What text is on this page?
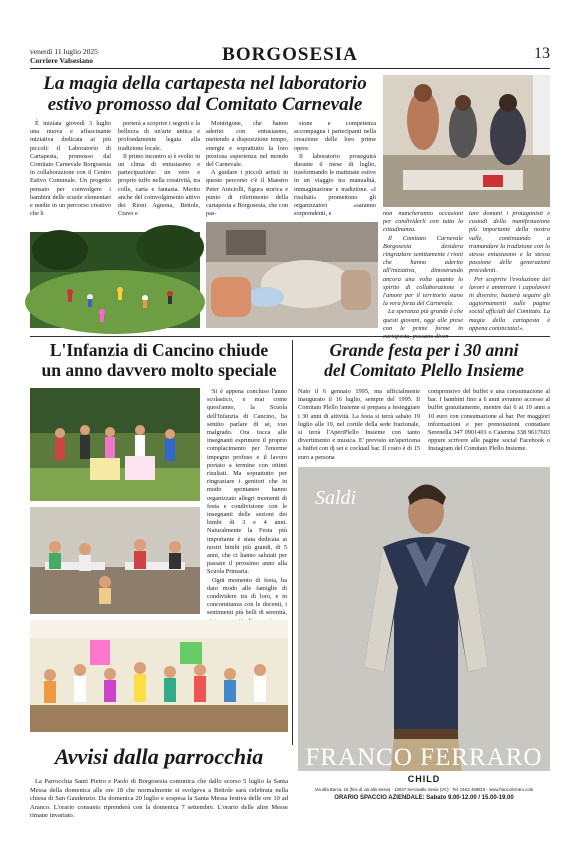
venerdì 11 luglio 2025
Corriere Valsesiano	BORGOSESIA	13
La magia della cartapesta nel laboratorio
estivo promosso dal Comitato Carnevale

È iniziata giovedì 3 luglio una nuova e affascinante iniziativa dedicata ai più piccoli: il Laboratorio di Cartapesta, promosso dal Comitato Carnevale Borgosesia in collaborazione con il Centro Estivo Comunale. Un progetto pensato per coinvolgere i bambini delle scuole elementari e medie in un percorso creativo che li

porterà a scoprire i segreti e la bellezza di un'arte antica e profondamente legata alla tradizione locale.

Il primo incontro si è svolto in un clima di entusiasmo e partecipazione: un vero e proprio tuffo nella creatività, tra colle, carta e fantasia. Merito anche del coinvolgimento attivo dei Rioni Agnona, Bettole, Cravo e

Montrigone, che hanno aderito con entusiasmo, mettendo a disposizione tempo, energie e soprattutto la loro preziosa esperienza nel mondo del Carnevale.

A guidare i piccoli artisti in questo percorso c'è il Maestro Peter Aniciolli, figura storica e punto di riferimento della cartapesta a Borgosesia, che con pas-

sione e competenza accompagna i partecipanti nella creazione delle loro prime opere.

Il laboratorio proseguirà durante il mese di luglio, trasformando le mattinate estive in un viaggio tra manualità, immaginazione e tradizione. «I risultati» promettono gli organizzatori «saranno sorprendenti, e	non mancheranno occasioni per condividerli con tutta la cittadinanza.

Il Comitato Carnevale Borgosesia desidera ringraziare sentitamente i rioni che hanno aderito all'iniziativa, dimostrando ancora una volta quanto lo spirito di collaborazione e l'amore per il territorio siano la vera forza del Carnevale.

La speranza più grande è che questi giovani, oggi alle prese con le prime forme in cartapesta, possano diven-

tare domani i protagonisti e custodi della manifestazione più importante della nostra valle, continuando a tramandare la tradizione con lo stesso entusiasmo e la stessa passione delle generazioni precedenti.

Per scoprire l'evoluzione dei lavori e ammirare i capolavori in divenire, basterà seguire gli aggiornamenti sulle pagine social ufficiali del Comitato. La magia della cartapesta è appena cominciata!».

L'Infanzia di Cancino chiude
un anno davvero molto speciale

Si è appena concluso l'anno scolastico, e mai come quest'anno, la Scuola dell'Infanzia di Cancino, ha sentito parlare di sé, vuo malgrado. Ora tocca alle insegnanti esprimere il proprio compiacimento per l'enorme impegno profuso e il lavoro portato a termine con ottimi risultati. Ma soprattutto per ringraziare i genitori che in modo spontaneo hanno organizzato allegri momenti di festa e condivisione con le insegnanti delle sezioni dei bimbi di 3 e 4 anni. Naturalmente la Festa più importante è stata dedicata ai nostri bimbi più grandi, di 5 anni, che ci hanno salutati per passare il prossimo anno alla Scuola Primaria.

Ogni momento di festa, ha dato modo alle famiglie di condividere tra di loro, e in concomitanza con le docenti, i sentimenti più belli di serenità,

Grande festa per i 30 anni
del Comitato Plello Insieme

Nato il 6 gennaio 1995, ma ufficialmente inaugurato il 16 luglio, sempre del 1995. Il Comitato Plello Insieme si prepara a festeggiare i 30 anni di attività. La festa si terrà sabato 19 luglio alle 19, nel cortile della sede frazionale, si terrà l'AperiPlello Insieme con tanto divertimento e musica. E' previsto un'apericena a buffet con dj set e cocktail bar. Il costo è di 15 euro a persona

comprensivo del buffet e una consumazione al bar. I bambini fino a 6 anni avranno accesso al buffet gratuitamente, mentre dai 6 ai 10 anni a 10 euro con consumazione al bar. Per maggiori informazioni e per prenotazioni contattare Serenella 347 0901401 o Caterina 338 9617603 oppure scrivere alle pagine social Facebook o Instagram del Comitato Plello Insieme.

Saldi
FRANCO FERRARO
CHILD
Via alla Barca, 16 (fine di via alla Sesia) · 13037 Serravalle Sesia (VC) · Tel. 0163 459815 · www.francoferraro.com
ORARIO SPACCIO AZIENDALE: Sabato 9.00-12.00 / 15.00-19.00
Avvisi dalla parrocchia

La Parrocchia Santi Pietro e Paolo di Borgosesia comunica che dallo scorso 5 luglio la Santa Messa della domenica alle ore 18 che normalmente si svolgeva a Bettole sarà celebrata nella chiesa di San Gaudenzio. Da domenica 20 luglio e sospesa la Santa Messa festiva delle ore 10 ad Aranco. L'orario consueto riprenderà con la domenica 7 settembre. L'orario delle altre Messe rimane invariato.
